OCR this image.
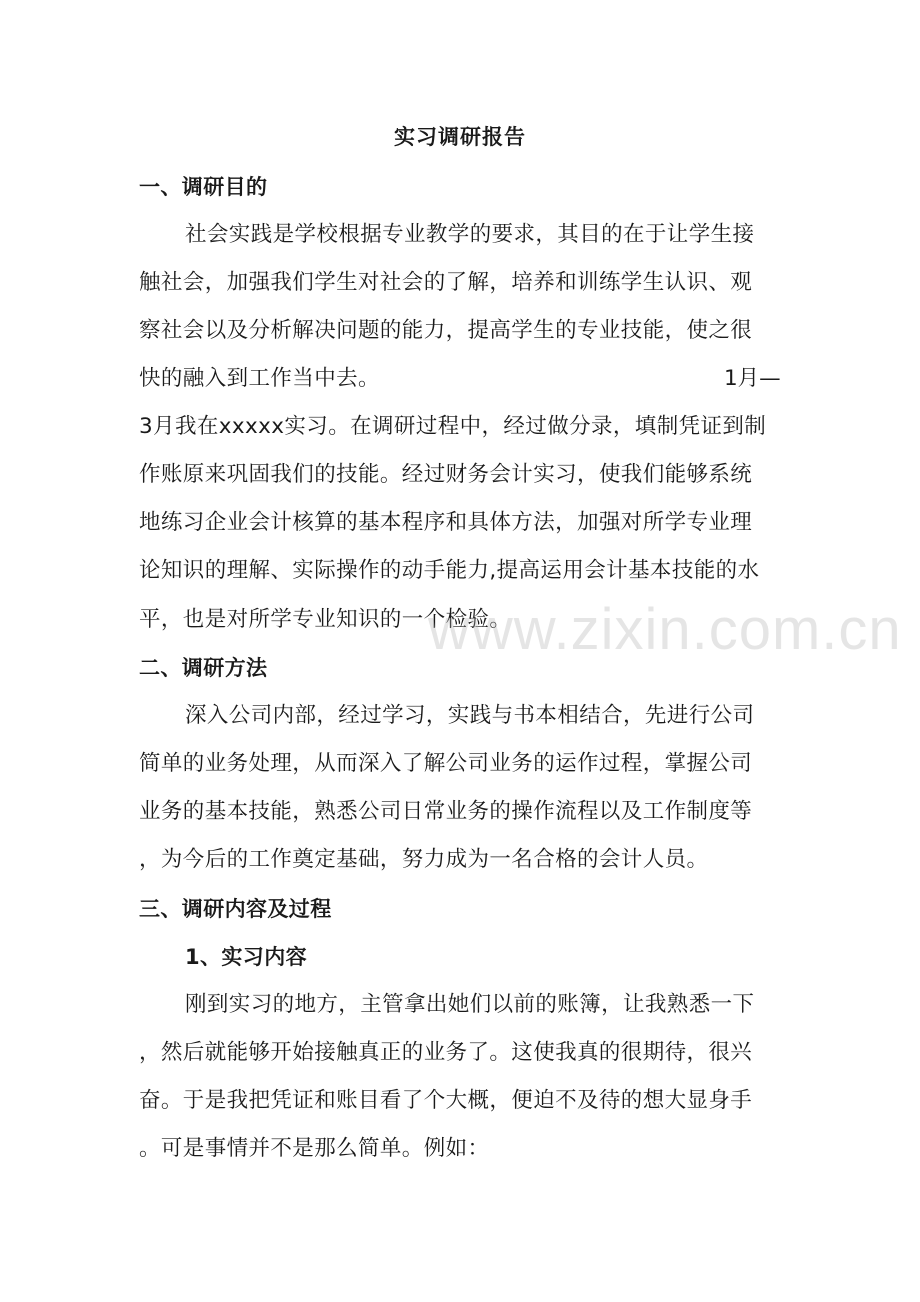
实习调研报告
一、调研目的
社会实践是学校根据专业教学的要求，其目的在于让学生接
触社会，加强我们学生对社会的了解，培养和训练学生认识、观
察社会以及分析解决问题的能力，提高学生的专业技能，使之很
快的融入到工作当中去。	1月—
3月我在xxxxx实习。在调研过程中，经过做分录，填制凭证到制
作账原来巩固我们的技能。经过财务会计实习，使我们能够系统
地练习企业会计核算的基本程序和具体方法，加强对所学专业理
论知识的理解、实际操作的动手能力,提高运用会计基本技能的水
平，也是对所学专业知识的一个检验。
二、调研方法
深入公司内部，经过学习，实践与书本相结合，先进行公司
简单的业务处理，从而深入了解公司业务的运作过程，掌握公司
业务的基本技能，熟悉公司日常业务的操作流程以及工作制度等
，为今后的工作奠定基础，努力成为一名合格的会计人员。
三、调研内容及过程
1、实习内容
刚到实习的地方，主管拿出她们以前的账簿，让我熟悉一下
，然后就能够开始接触真正的业务了。这使我真的很期待，很兴
奋。于是我把凭证和账目看了个大概，便迫不及待的想大显身手
。可是事情并不是那么简单。例如：
www.zixin.com.cn
